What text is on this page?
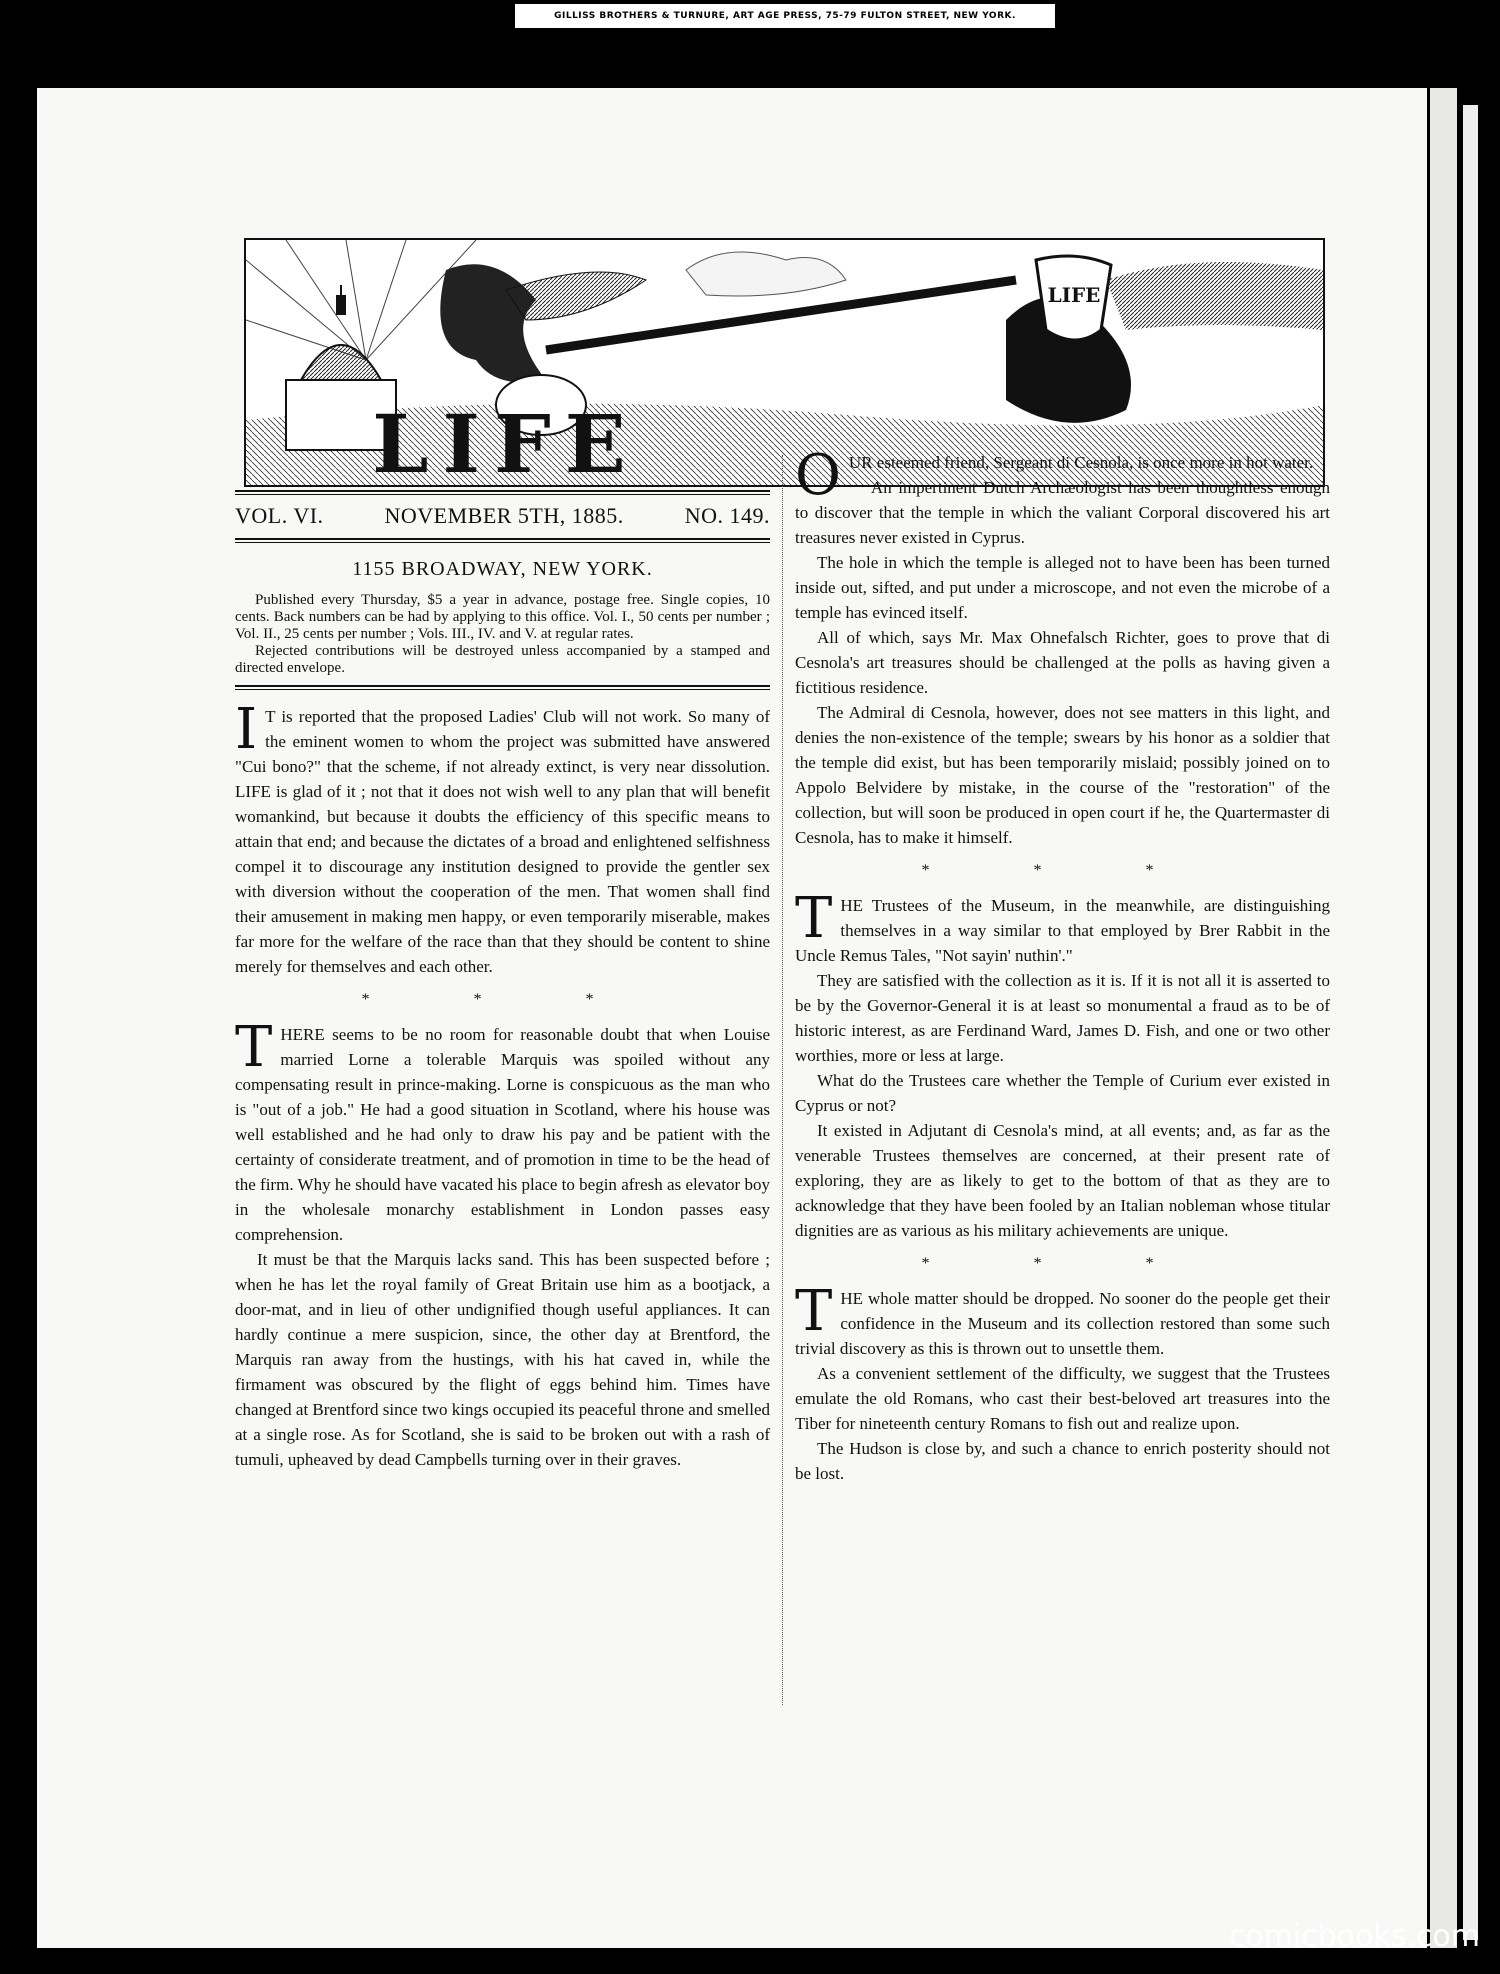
GILLISS BROTHERS & TURNURE, ART AGE PRESS, 75-79 FULTON STREET, NEW YORK.
LIFE
LIFE
VOL. VI.	NOVEMBER 5TH, 1885.	NO. 149.
1155 BROADWAY, NEW YORK.

Published every Thursday, $5 a year in advance, postage free. Single copies, 10 cents. Back numbers can be had by applying to this office. Vol. I., 50 cents per number ; Vol. II., 25 cents per number ; Vols. III., IV. and V. at regular rates.

Rejected contributions will be destroyed unless accompanied by a stamped and directed envelope.

I T is reported that the proposed Ladies' Club will not work. So many of the eminent women to whom the project was submitted have answered "Cui bono?" that the scheme, if not already extinct, is very near dissolution. LIFE is glad of it ; not that it does not wish well to any plan that will benefit womankind, but because it doubts the efficiency of this specific means to attain that end; and because the dictates of a broad and enlightened selfishness compel it to discourage any institution designed to provide the gentler sex with diversion without the cooperation of the men. That women shall find their amusement in making men happy, or even temporarily miserable, makes far more for the welfare of the race than that they should be content to shine merely for themselves and each other.

* * *
T HERE seems to be no room for reasonable doubt that when Louise married Lorne a tolerable Marquis was spoiled without any compensating result in prince-making. Lorne is conspicuous as the man who is "out of a job." He had a good situation in Scotland, where his house was well established and he had only to draw his pay and be patient with the certainty of considerate treatment, and of promotion in time to be the head of the firm. Why he should have vacated his place to begin afresh as elevator boy in the wholesale monarchy establishment in London passes easy comprehension.

It must be that the Marquis lacks sand. This has been suspected before ; when he has let the royal family of Great Britain use him as a bootjack, a door-mat, and in lieu of other undignified though useful appliances. It can hardly continue a mere suspicion, since, the other day at Brentford, the Marquis ran away from the hustings, with his hat caved in, while the firmament was obscured by the flight of eggs behind him. Times have changed at Brentford since two kings occupied its peaceful throne and smelled at a single rose. As for Scotland, she is said to be broken out with a rash of tumuli, upheaved by dead Campbells turning over in their graves.

O UR esteemed friend, Sergeant di Cesnola, is once more in hot water.

An impertinent Dutch Archæologist has been thoughtless enough to discover that the temple in which the valiant Corporal discovered his art treasures never existed in Cyprus.

The hole in which the temple is alleged not to have been has been turned inside out, sifted, and put under a microscope, and not even the microbe of a temple has evinced itself.

All of which, says Mr. Max Ohnefalsch Richter, goes to prove that di Cesnola's art treasures should be challenged at the polls as having given a fictitious residence.

The Admiral di Cesnola, however, does not see matters in this light, and denies the non-existence of the temple; swears by his honor as a soldier that the temple did exist, but has been temporarily mislaid; possibly joined on to Appolo Belvidere by mistake, in the course of the "restoration" of the collection, but will soon be produced in open court if he, the Quartermaster di Cesnola, has to make it himself.

* * *
T HE Trustees of the Museum, in the meanwhile, are distinguishing themselves in a way similar to that employed by Brer Rabbit in the Uncle Remus Tales, "Not sayin' nuthin'."

They are satisfied with the collection as it is. If it is not all it is asserted to be by the Governor-General it is at least so monumental a fraud as to be of historic interest, as are Ferdinand Ward, James D. Fish, and one or two other worthies, more or less at large.

What do the Trustees care whether the Temple of Curium ever existed in Cyprus or not?

It existed in Adjutant di Cesnola's mind, at all events; and, as far as the venerable Trustees themselves are concerned, at their present rate of exploring, they are as likely to get to the bottom of that as they are to acknowledge that they have been fooled by an Italian nobleman whose titular dignities are as various as his military achievements are unique.

* * *
T HE whole matter should be dropped. No sooner do the people get their confidence in the Museum and its collection restored than some such trivial discovery as this is thrown out to unsettle them.

As a convenient settlement of the difficulty, we suggest that the Trustees emulate the old Romans, who cast their best-beloved art treasures into the Tiber for nineteenth century Romans to fish out and realize upon.

The Hudson is close by, and such a chance to enrich posterity should not be lost.

comicbooks.com
